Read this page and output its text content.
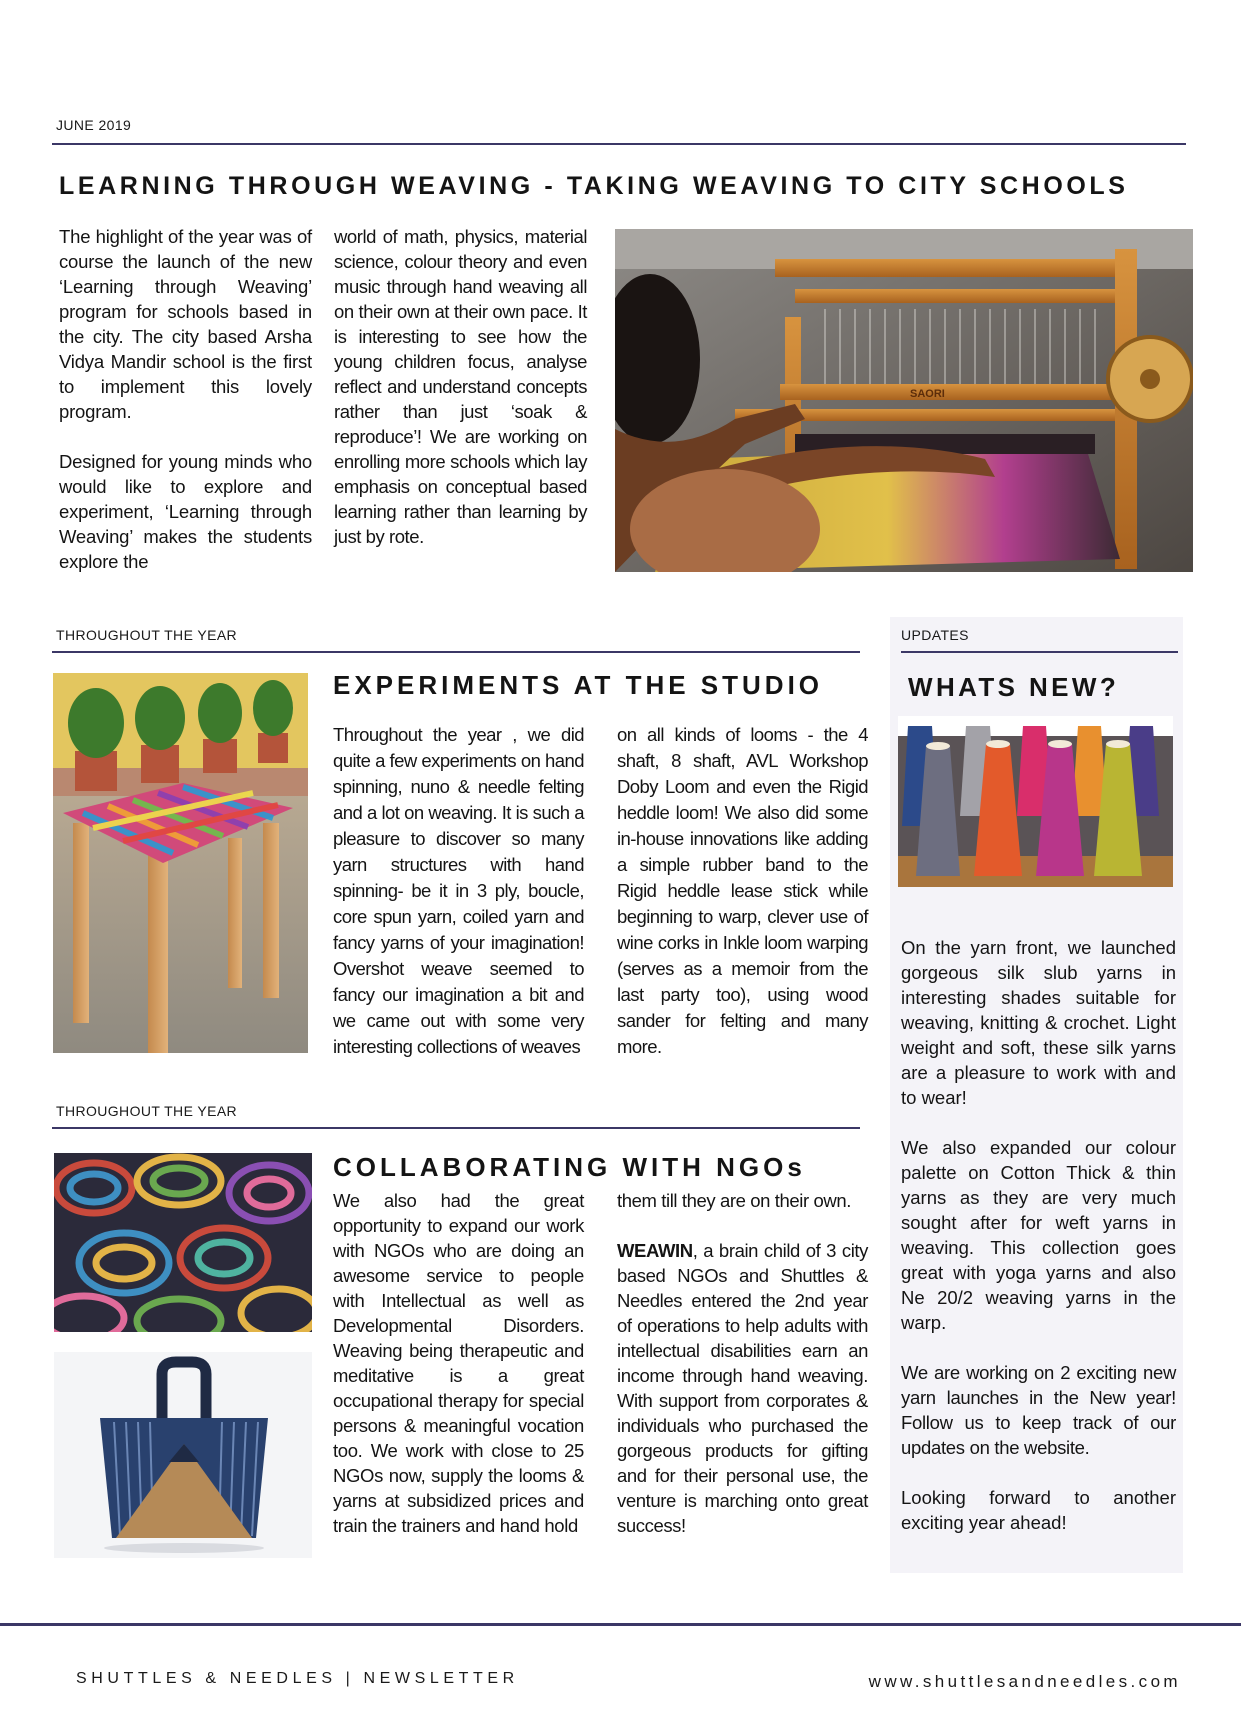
JUNE 2019
LEARNING THROUGH WEAVING - TAKING WEAVING TO CITY SCHOOLS

The highlight of the year was of course the launch of the new ‘Learning through Weaving’ program for schools based in the city. The city based Arsha Vidya Mandir school is the first to implement this lovely program.

Designed for young minds who would like to explore and experiment, ‘Learning through Weaving’ makes the students explore the

world of math, physics, material science, colour theory and even music through hand weaving all on their own at their own pace. It is interesting to see how the young children focus, analyse reflect and understand concepts rather than just ‘soak & reproduce’! We are working on enrolling more schools which lay emphasis on conceptual based learning rather than learning by just by rote.

SAORI
THROUGHOUT THE YEAR
EXPERIMENTS AT THE STUDIO
Throughout the year , we did quite a few experiments on hand spinning, nuno & needle felting and a lot on weaving. It is such a pleasure to discover so many yarn structures with hand spinning- be it in 3 ply, boucle, core spun yarn, coiled yarn and fancy yarns of your imagination! Overshot weave seemed to fancy our imagination a bit and we came out with some very interesting collections of weaves
on all kinds of looms - the 4 shaft, 8 shaft, AVL Workshop Doby Loom and even the Rigid heddle loom! We also did some in-house innovations like adding a simple rubber band to the Rigid heddle lease stick while beginning to warp, clever use of wine corks in Inkle loom warping (serves as a memoir from the last party too), using wood sander for felting and many more.
THROUGHOUT THE YEAR
COLLABORATING WITH NGOs
We also had the great opportunity to expand our work with NGOs who are doing an awesome service to people with Intellectual as well as Developmental Disorders. Weaving being therapeutic and meditative is a great occupational therapy for special persons & meaningful vocation too. We work with close to 25 NGOs now, supply the looms & yarns at subsidized prices and train the trainers and hand hold

them till they are on their own.

WEAWIN, a brain child of 3 city based NGOs and Shuttles & Needles entered the 2nd year of operations to help adults with intellectual disabilities earn an income through hand weaving. With support from corporates & individuals who purchased the gorgeous products for gifting and for their personal use, the venture is marching onto great success!

UPDATES
WHATS NEW?

On the yarn front, we launched gorgeous silk slub yarns in interesting shades suitable for weaving, knitting & crochet. Light weight and soft, these silk yarns are a pleasure to work with and to wear!

We also expanded our colour palette on Cotton Thick & thin yarns as they are very much sought after for weft yarns in weaving. This collection goes great with yoga yarns and also Ne 20/2 weaving yarns in the warp.

We are working on 2 exciting new yarn launches in the New year! Follow us to keep track of our updates on the website.

Looking forward to another exciting year ahead!

SHUTTLES & NEEDLES | NEWSLETTER	www.shuttlesandneedles.com
